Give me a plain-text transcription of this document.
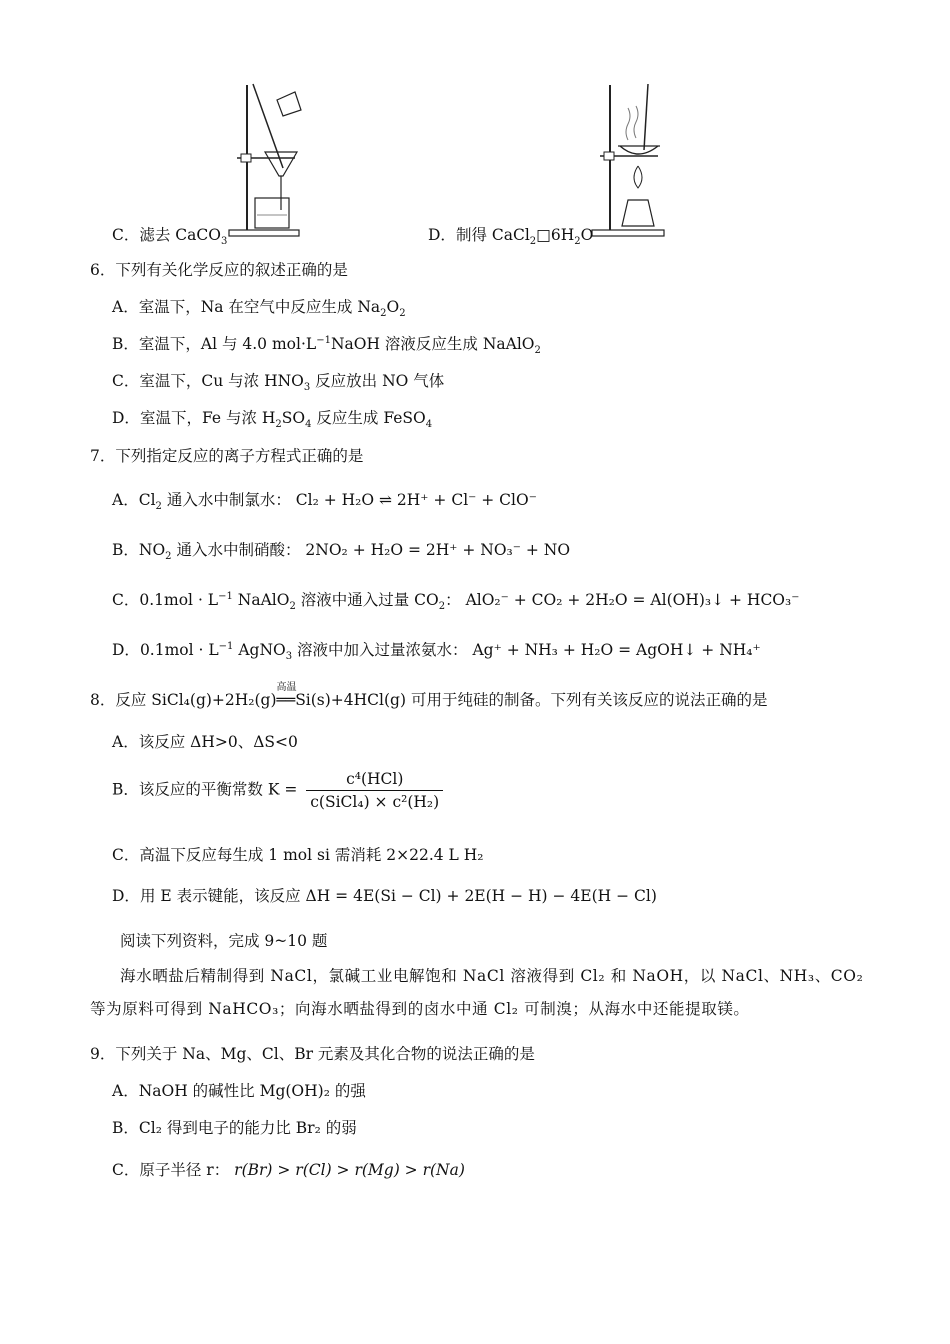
C．滤去 CaCO$_3$	D．制得 $CaCl_2□6H_2O$
6．下列有关化学反应的叙述正确的是
A．室温下，Na 在空气中反应生成 $Na_2O_2$
B．室温下，Al 与 4.0 $mol\cdot L^{-1}NaOH$ 溶液反应生成 NaAlO$_2$
C．室温下，Cu 与浓 $HNO_3$ 反应放出 NO 气体
D．室温下，Fe 与浓 $H_2SO_4$ 反应生成 FeSO$_4$
7．下列指定反应的离子方程式正确的是
A．$Cl_2$ 通入水中制氯水： Cl₂ + H₂O ⇌ 2H⁺ + Cl⁻ + ClO⁻
B．$NO_2$ 通入水中制硝酸： 2NO₂ + H₂O = 2H⁺ + NO₃⁻ + NO
C．$0.1mol \cdot L^{-1}$ NaAlO$_2$ 溶液中通入过量 $CO_2$： AlO₂⁻ + CO₂ + 2H₂O = Al(OH)₃↓ + HCO₃⁻
D．$0.1mol \cdot L^{-1}$ AgNO$_3$ 溶液中加入过量浓氨水： Ag⁺ + NH₃ + H₂O = AgOH↓ + NH₄⁺
8．反应 SiCl₄(g)+2H₂(g)
高温
══Si(s)+4HCl(g) 可用于纯硅的制备。下列有关该反应的说法正确的是
A．该反应 ΔH>0、ΔS<0
B．该反应的平衡常数 $K = \frac{\text{c⁴(HCl)}}{\text{c(SiCl₄) × c²(H₂)}}$
C．高温下反应每生成 1 mol si 需消耗 2×22.4 L H₂
D．用 E 表示键能，该反应 ΔH = 4E(Si − Cl) + 2E(H − H) − 4E(H − Cl)
阅读下列资料，完成 9~10 题
海水晒盐后精制得到 NaCl，氯碱工业电解饱和 NaCl 溶液得到 Cl₂ 和 NaOH，以 NaCl、NH₃、CO₂ 等为原料可得到 NaHCO₃；向海水晒盐得到的卤水中通 Cl₂ 可制溴；从海水中还能提取镁。
9．下列关于 Na、Mg、Cl、Br 元素及其化合物的说法正确的是
A．NaOH 的碱性比 Mg(OH)₂ 的强
B．Cl₂ 得到电子的能力比 Br₂ 的弱
C．原子半径 r： r(Br) > r(Cl) > r(Mg) > r(Na)
